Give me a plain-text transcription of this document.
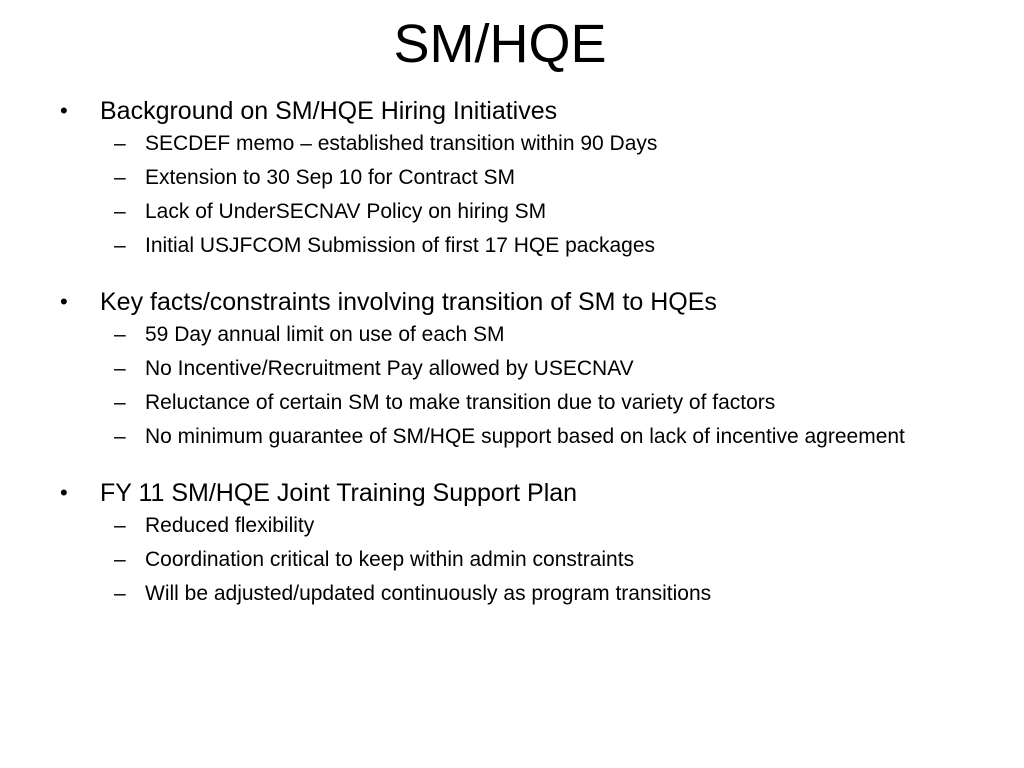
SM/HQE
• Background on SM/HQE Hiring Initiatives
– SECDEF memo – established transition within 90 Days
– Extension to 30 Sep 10 for Contract SM
– Lack of UnderSECNAV Policy on hiring SM
– Initial USJFCOM Submission of first 17 HQE packages
• Key facts/constraints involving transition of SM to HQEs
– 59 Day annual limit on use of each SM
– No Incentive/Recruitment Pay allowed by USECNAV
– Reluctance of certain SM to make transition due to variety of factors
– No minimum guarantee of SM/HQE support based on lack of incentive agreement
• FY 11 SM/HQE Joint Training Support Plan
– Reduced flexibility
– Coordination critical to keep within admin constraints
– Will be adjusted/updated continuously as program transitions
